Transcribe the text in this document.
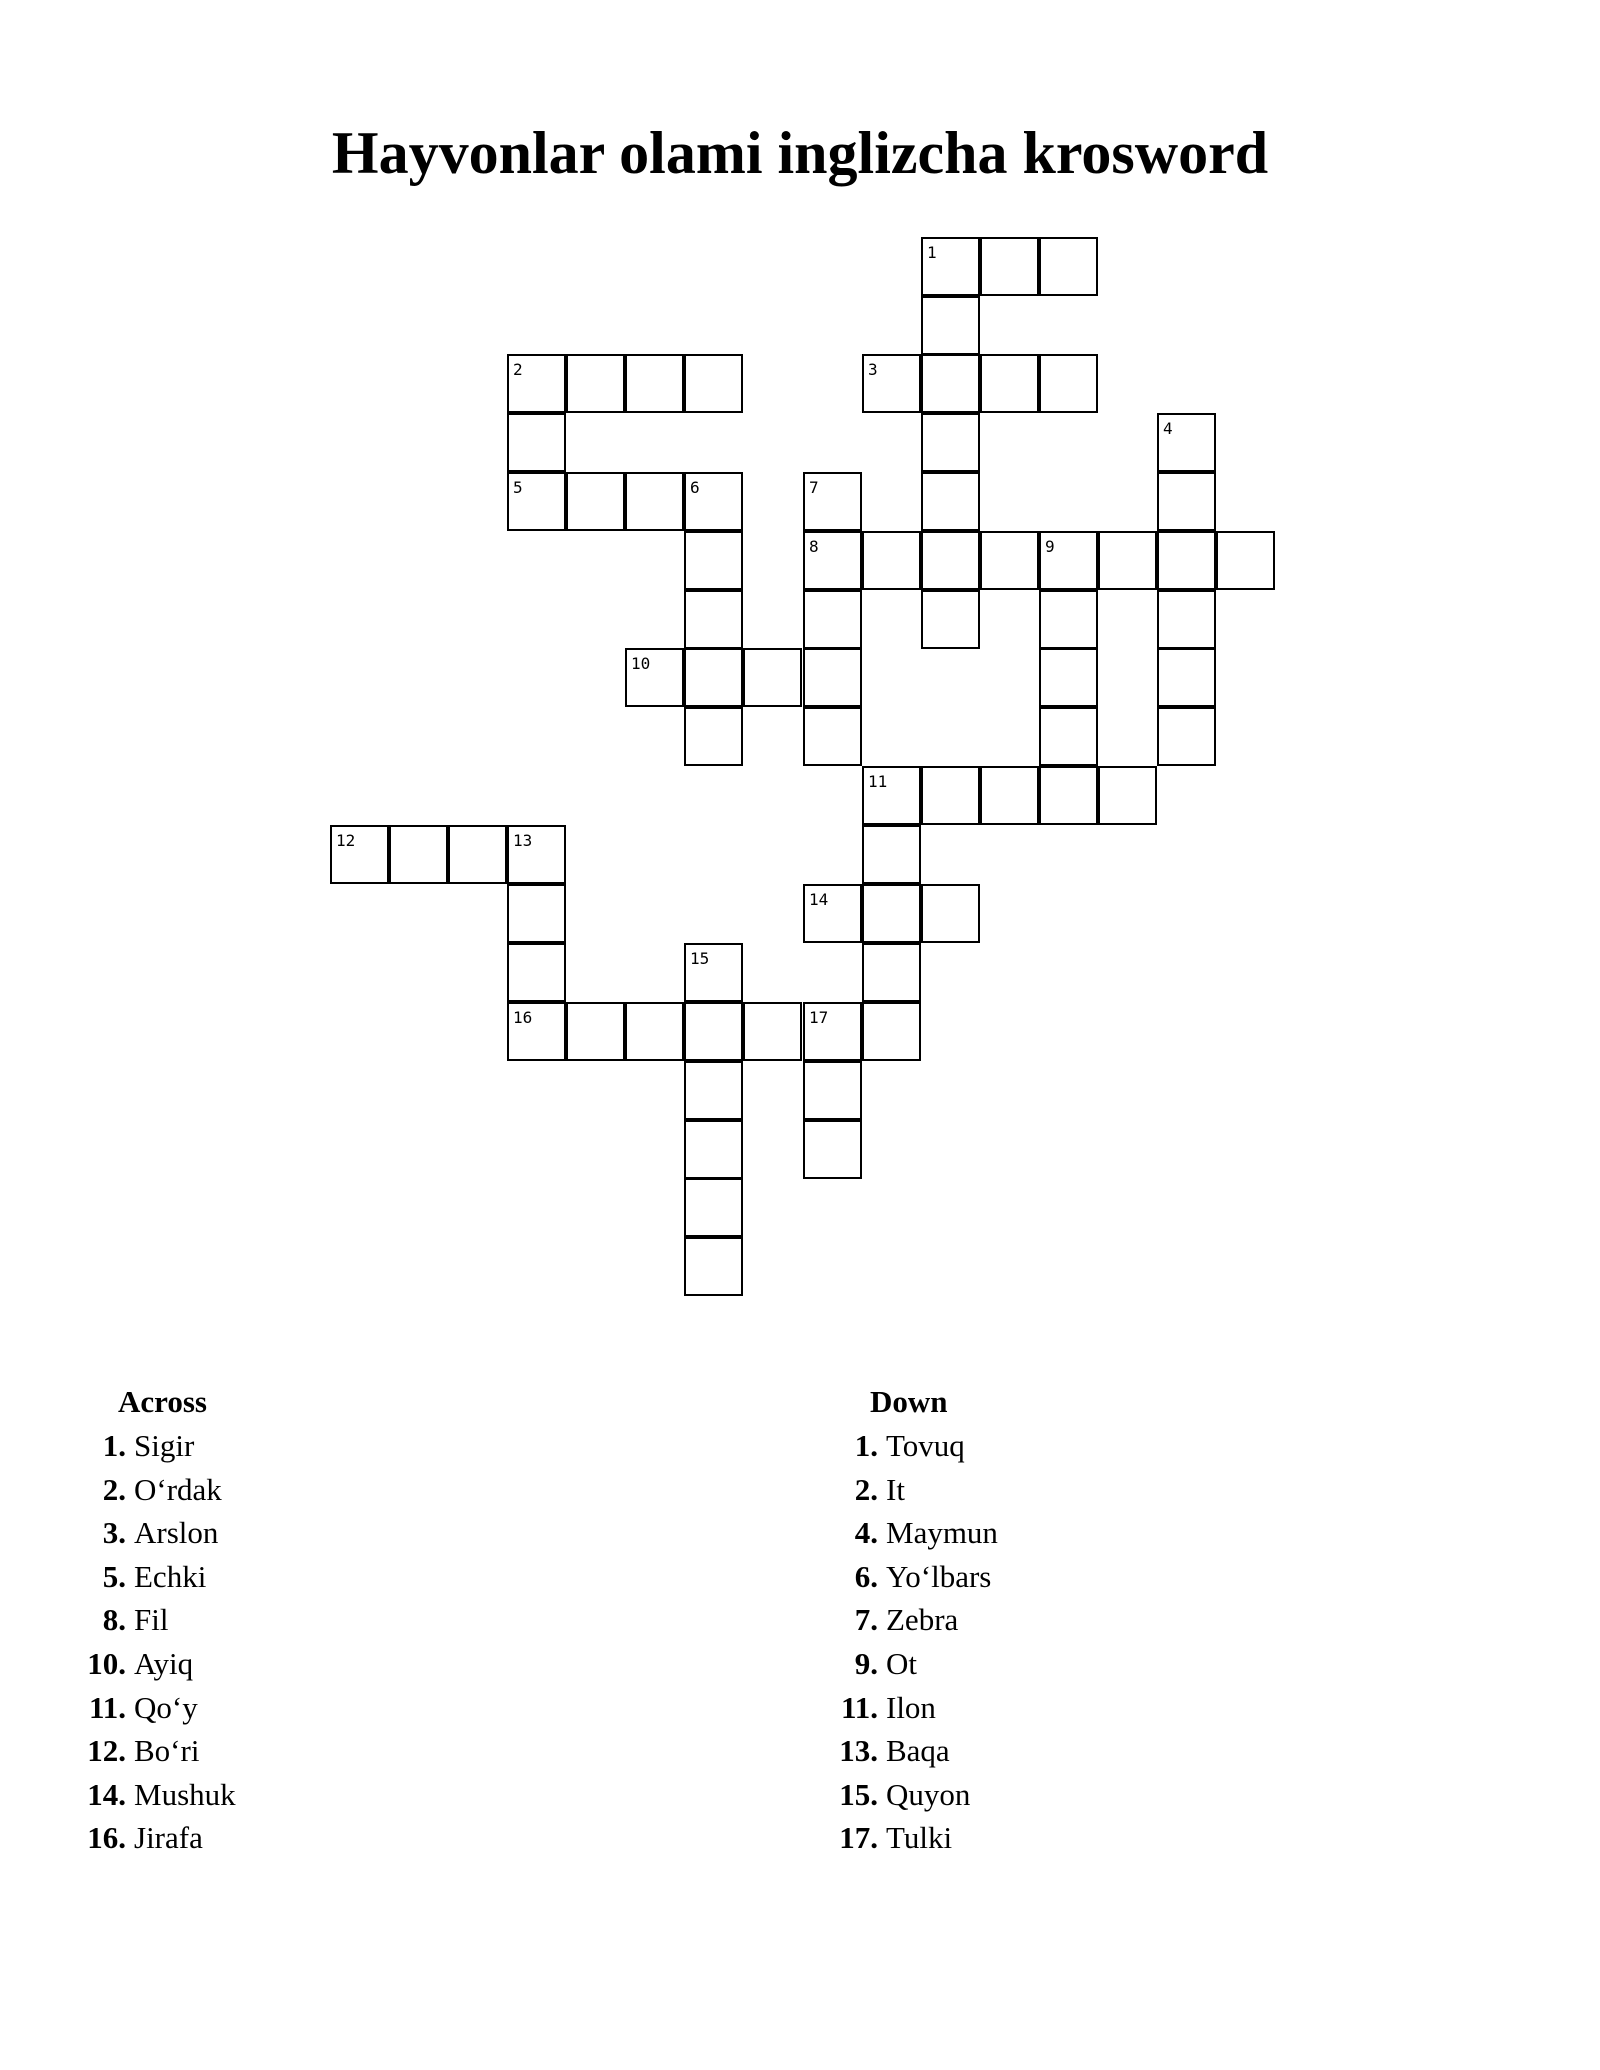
Hayvonlar olami inglizcha krosword
1
2	3
4
5	6	7
8	9
10
11
12	13
14
15
16	17
Across
1. Sigir
2. Oʻrdak
3. Arslon
5. Echki
8. Fil
10. Ayiq
11. Qoʻy
12. Boʻri
14. Mushuk
16. Jirafa
Down
1. Tovuq
2. It
4. Maymun
6. Yoʻlbars
7. Zebra
9. Ot
11. Ilon
13. Baqa
15. Quyon
17. Tulki
